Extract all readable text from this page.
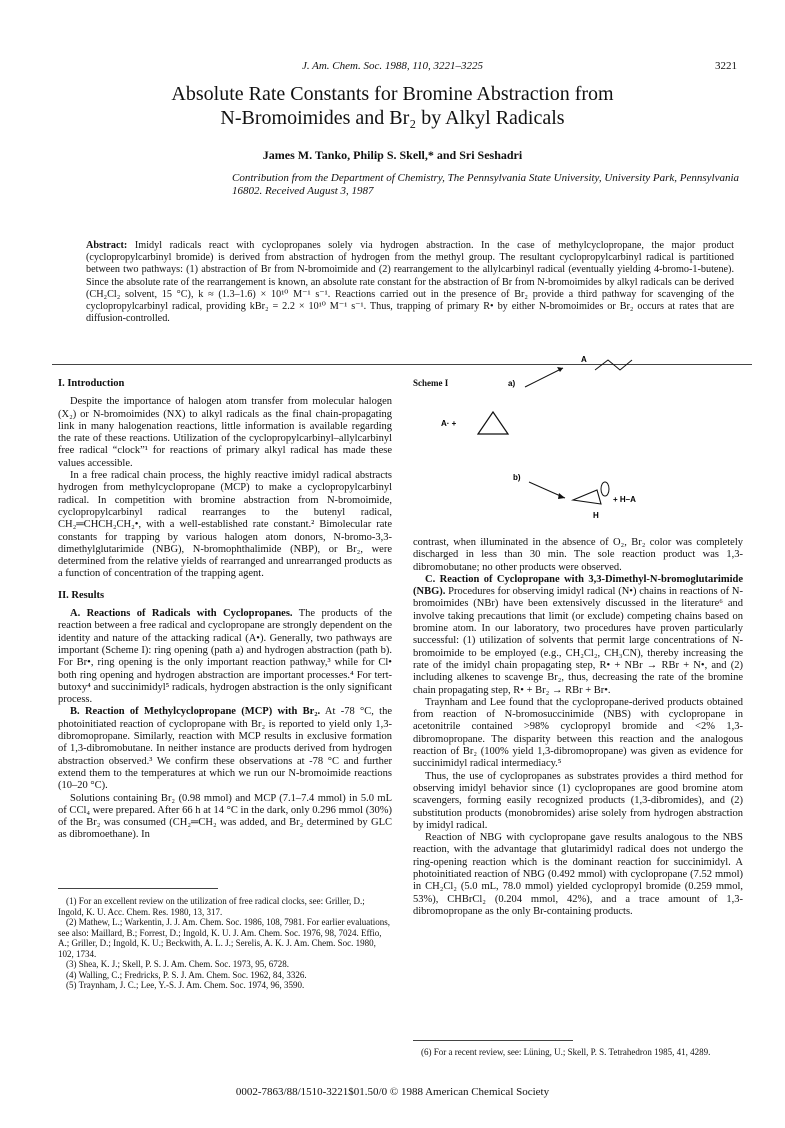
J. Am. Chem. Soc. 1988, 110, 3221–3225	3221
Absolute Rate Constants for Bromine Abstraction from
N-Bromoimides and Br₂ by Alkyl Radicals
James M. Tanko, Philip S. Skell,* and Sri Seshadri
Contribution from the Department of Chemistry, The Pennsylvania State University, University Park, Pennsylvania 16802. Received August 3, 1987
Abstract: Imidyl radicals react with cyclopropanes solely via hydrogen abstraction. In the case of methylcyclopropane, the major product (cyclopropylcarbinyl bromide) is derived from abstraction of hydrogen from the methyl group. The resultant cyclopropylcarbinyl radical is partitioned between two pathways: (1) abstraction of Br from N-bromoimide and (2) rearrangement to the allylcarbinyl radical (eventually yielding 4-bromo-1-butene). Since the absolute rate of the rearrangement is known, an absolute rate constant for the abstraction of Br from N-bromoimides by alkyl radicals can be derived (CH₂Cl₂ solvent, 15 °C), k ≈ (1.3–1.6) × 10¹⁰ M⁻¹ s⁻¹. Reactions carried out in the presence of Br₂ provide a third pathway for scavenging of the cyclopropylcarbinyl radical, providing kBr₂ = 2.2 × 10¹⁰ M⁻¹ s⁻¹. Thus, trapping of primary R• by either N-bromoimides or Br₂ occurs at rates that are diffusion-controlled.
I. Introduction

Despite the importance of halogen atom transfer from molecular halogen (X₂) or N-bromoimides (NX) to alkyl radicals as the final chain-propagating link in many halogenation reactions, little information is available regarding the rate of these reactions. Utilization of the cyclopropylcarbinyl–allylcarbinyl free radical “clock”¹ for reactions of primary alkyl radical has made these values accessible.

In a free radical chain process, the highly reactive imidyl radical abstracts hydrogen from methylcyclopropane (MCP) to make a cyclopropylcarbinyl radical. In competition with bromine abstraction from N-bromoimide, cyclopropylcarbinyl radical rearranges to the butenyl radical, CH₂═CHCH₂CH₂•, with a well-established rate constant.² Bimolecular rate constants for trapping by various halogen atom donors, N-bromo-3,3-dimethylglutarimide (NBG), N-bromophthalimide (NBP), or Br₂, were determined from the relative yields of rearranged and unrearranged products as a function of concentration of the trapping agent.

II. Results

A. Reactions of Radicals with Cyclopropanes. The products of the reaction between a free radical and cyclopropane are strongly dependent on the identity and nature of the attacking radical (A•). Generally, two pathways are important (Scheme I): ring opening (path a) and hydrogen abstraction (path b). For Br•, ring opening is the only important reaction pathway,³ while for Cl• both ring opening and hydrogen abstraction are important processes.⁴ For tert-butoxy⁴ and succinimidyl⁵ radicals, hydrogen abstraction is the only significant process.

B. Reaction of Methylcyclopropane (MCP) with Br₂. At -78 °C, the photoinitiated reaction of cyclopropane with Br₂ is reported to yield only 1,3-dibromopropane. Similarly, reaction with MCP results in exclusive formation of 1,3-dibromobutane. In neither instance are products derived from hydrogen abstraction observed.³ We confirm these observations at -78 °C and further extend them to the temperatures at which we run our N-bromoimide reactions (10–20 °C).

Solutions containing Br₂ (0.98 mmol) and MCP (7.1–7.4 mmol) in 5.0 mL of CCl₄ were prepared. After 66 h at 14 °C in the dark, only 0.296 mmol (30%) of the Br₂ was consumed (CH₂═CH₂ was added, and Br₂ determined by GLC as dibromoethane). In

(1) For an excellent review on the utilization of free radical clocks, see: Griller, D.; Ingold, K. U. Acc. Chem. Res. 1980, 13, 317.

(2) Mathew, L.; Warkentin, J. J. Am. Chem. Soc. 1986, 108, 7981. For earlier evaluations, see also: Maillard, B.; Forrest, D.; Ingold, K. U. J. Am. Chem. Soc. 1976, 98, 7024. Effio, A.; Griller, D.; Ingold, K. U.; Beckwith, A. L. J.; Serelis, A. K. J. Am. Chem. Soc. 1980, 102, 1734.

(3) Shea, K. J.; Skell, P. S. J. Am. Chem. Soc. 1973, 95, 6728.

(4) Walling, C.; Fredricks, P. S. J. Am. Chem. Soc. 1962, 84, 3326.

(5) Traynham, J. C.; Lee, Y.-S. J. Am. Chem. Soc. 1974, 96, 3590.

Scheme I
A· +
a)
A
b)
H
+ H–A

contrast, when illuminated in the absence of O₂, Br₂ color was completely discharged in less than 30 min. The sole reaction product was 1,3-dibromobutane; no other products were observed.

C. Reaction of Cyclopropane with 3,3-Dimethyl-N-bromoglutarimide (NBG). Procedures for observing imidyl radical (N•) chains in reactions of N-bromoimides (NBr) have been extensively discussed in the literature⁶ and involve taking precautions that limit (or exclude) competing chains based on bromine atom. In our laboratory, two procedures have proven particularly successful: (1) utilization of solvents that permit large concentrations of N-bromoimide to be employed (e.g., CH₂Cl₂, CH₃CN), thereby increasing the rate of the imidyl chain propagating step, R• + NBr → RBr + N•, and (2) including alkenes to scavenge Br₂, thus, decreasing the rate of the bromine chain propagating step, R• + Br₂ → RBr + Br•.

Traynham and Lee found that the cyclopropane-derived products obtained from reaction of N-bromosuccinimide (NBS) with cyclopropane in acetonitrile contained >98% cyclopropyl bromide and <2% 1,3-dibromopropane. The disparity between this reaction and the analogous reaction of Br₂ (100% yield 1,3-dibromopropane) was given as evidence for succinimidyl radical intermediacy.⁵

Thus, the use of cyclopropanes as substrates provides a third method for observing imidyl behavior since (1) cyclopropanes are good bromine atom scavengers, forming easily recognized products (1,3-dibromides), and (2) substitution products (monobromides) arise solely from hydrogen abstraction by imidyl radical.

Reaction of NBG with cyclopropane gave results analogous to the NBS reaction, with the advantage that glutarimidyl radical does not undergo the ring-opening reaction which is the dominant reaction for succinimidyl. A photoinitiated reaction of NBG (0.492 mmol) with cyclopropane (7.52 mmol) in CH₂Cl₂ (5.0 mL, 78.0 mmol) yielded cyclopropyl bromide (0.259 mmol, 53%), CHBrCl₂ (0.204 mmol, 42%), and a trace amount of 1,3-dibromopropane as the only Br-containing products.

(6) For a recent review, see: Lüning, U.; Skell, P. S. Tetrahedron 1985, 41, 4289.

0002-7863/88/1510-3221$01.50/0 © 1988 American Chemical Society
